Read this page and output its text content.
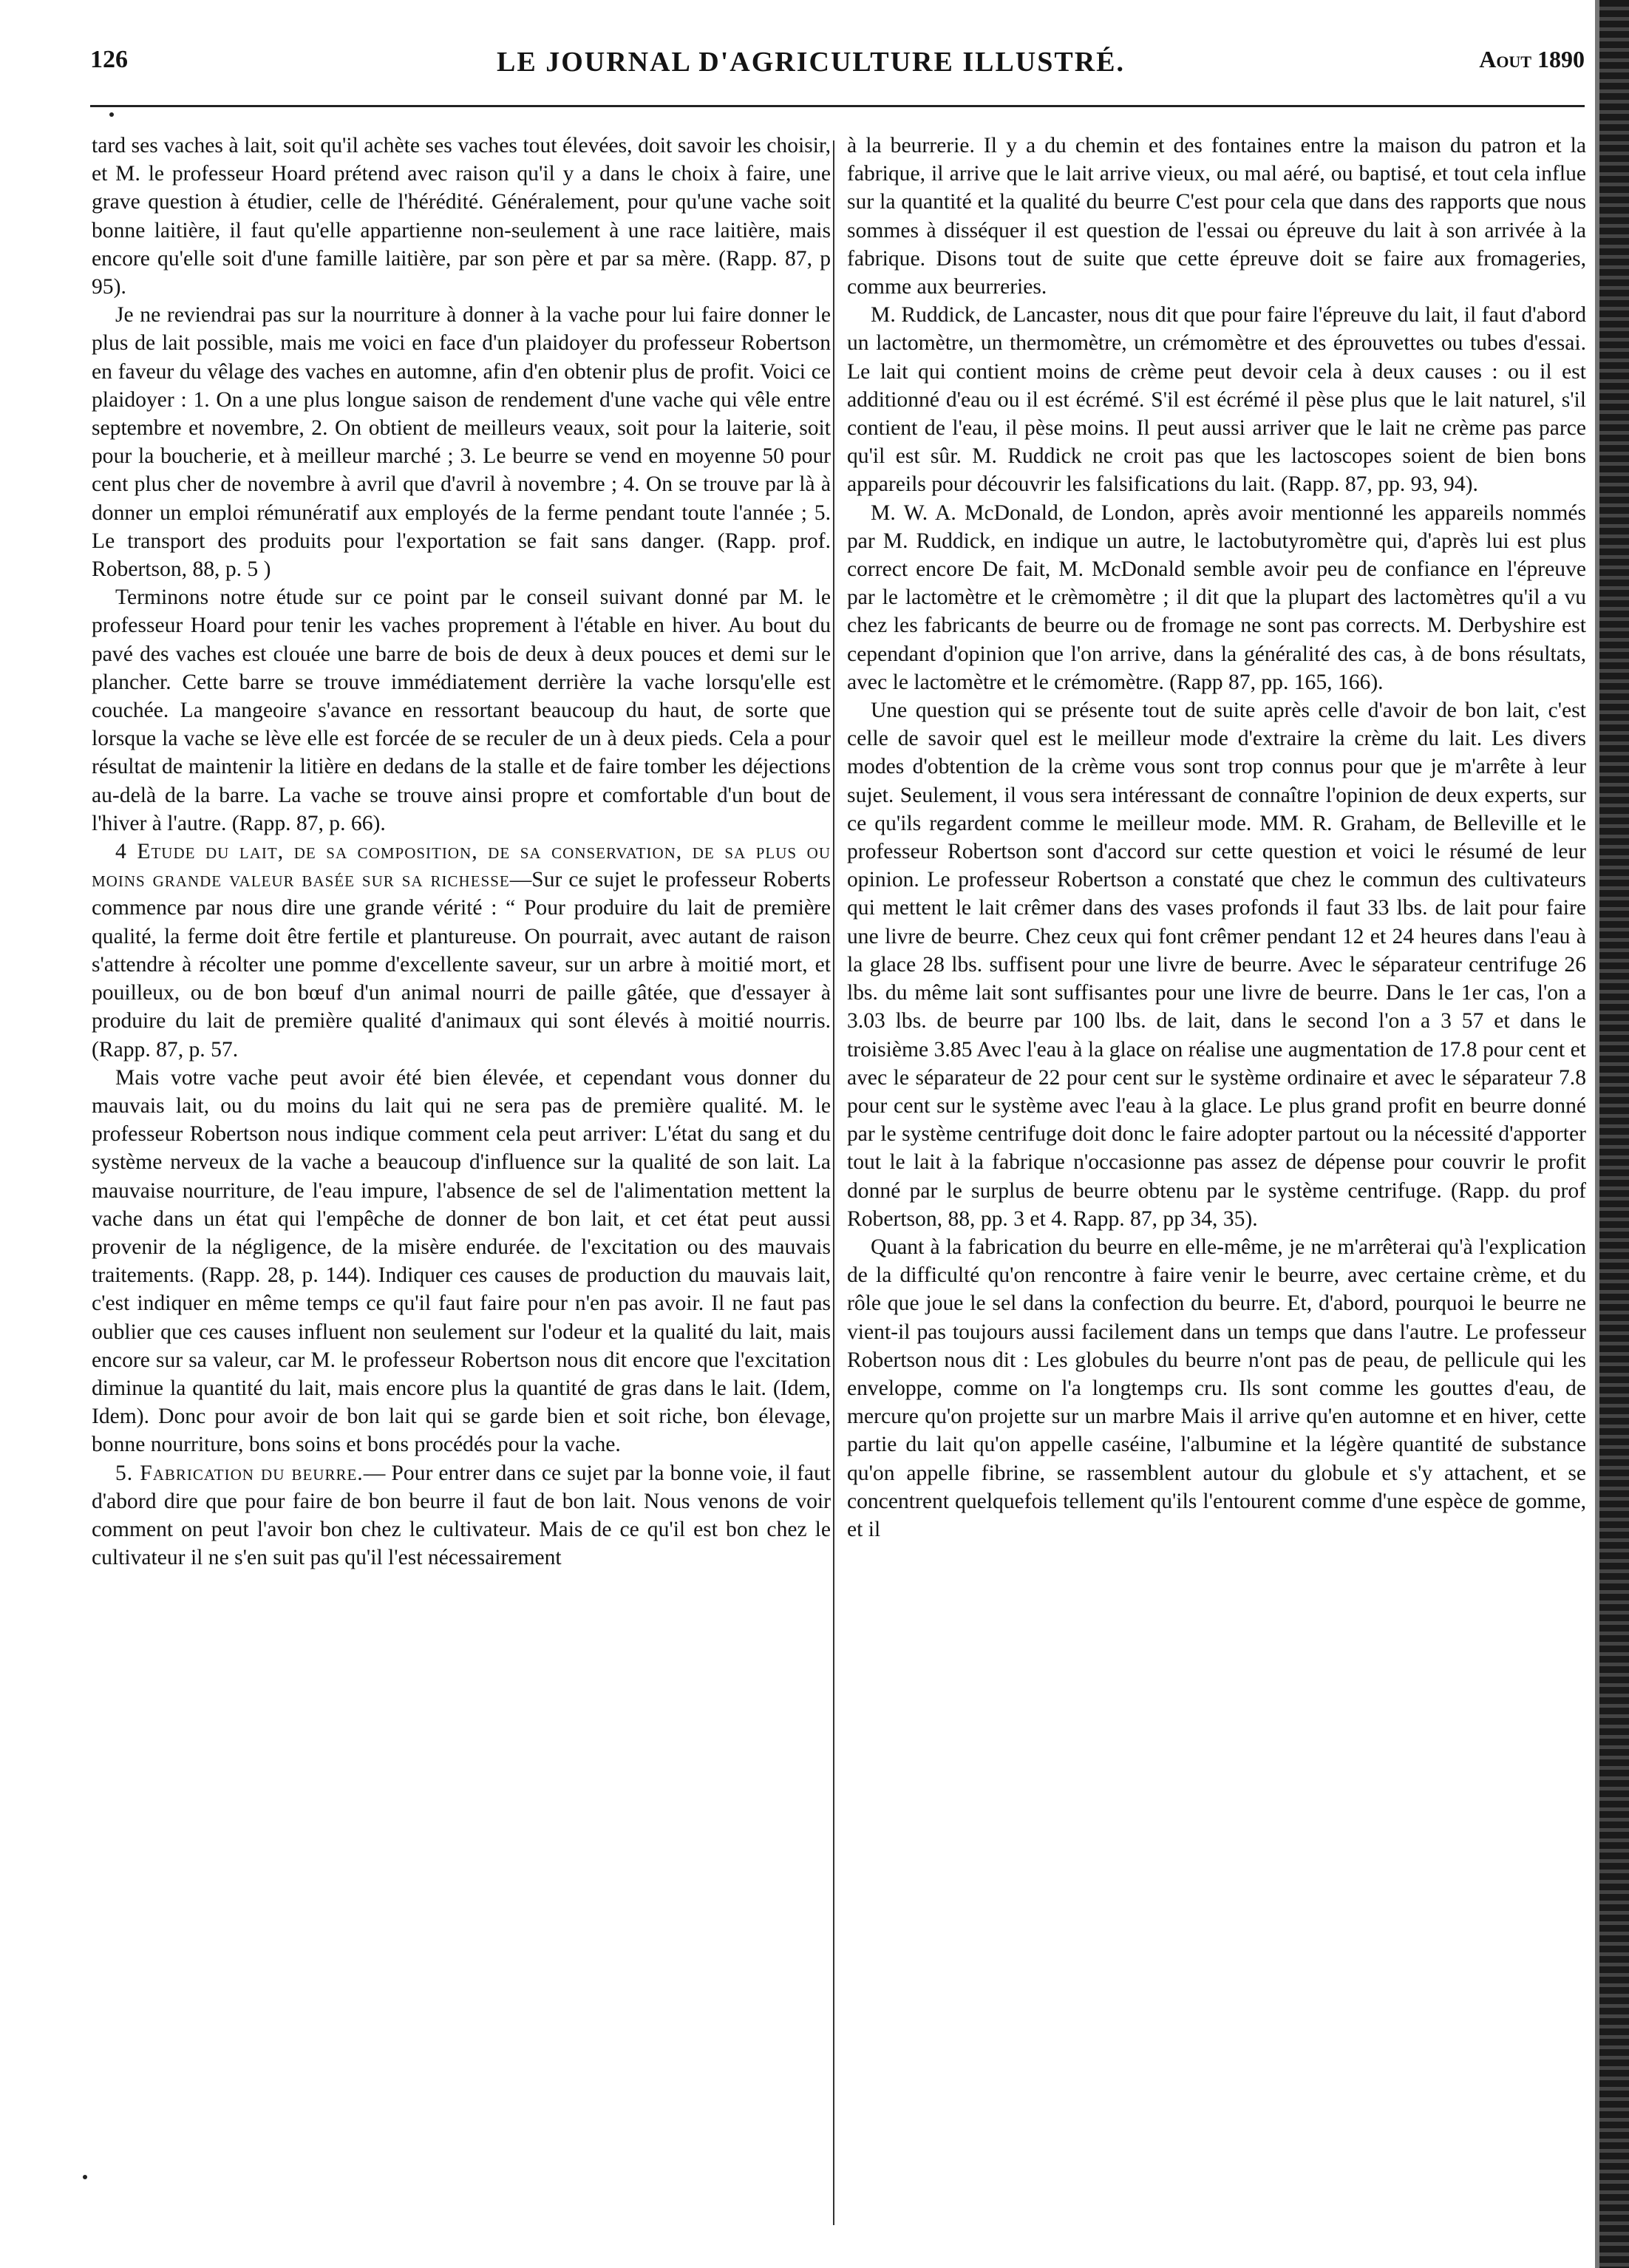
126	LE JOURNAL D'AGRICULTURE ILLUSTRÉ.	Aout 1890

tard ses vaches à lait, soit qu'il achète ses vaches tout élevées, doit savoir les choisir, et M. le professeur Hoard prétend avec raison qu'il y a dans le choix à faire, une grave question à étudier, celle de l'hérédité. Généralement, pour qu'une vache soit bonne laitière, il faut qu'elle appartienne non-seulement à une race laitière, mais encore qu'elle soit d'une famille laitière, par son père et par sa mère. (Rapp. 87, p 95).

Je ne reviendrai pas sur la nourriture à donner à la vache pour lui faire donner le plus de lait possible, mais me voici en face d'un plaidoyer du professeur Robertson en faveur du vêlage des vaches en automne, afin d'en obtenir plus de profit. Voici ce plaidoyer : 1. On a une plus longue saison de rendement d'une vache qui vêle entre septembre et novembre, 2. On obtient de meilleurs veaux, soit pour la laiterie, soit pour la boucherie, et à meilleur marché ; 3. Le beurre se vend en moyenne 50 pour cent plus cher de novembre à avril que d'avril à novembre ; 4. On se trouve par là à donner un emploi rémunératif aux employés de la ferme pendant toute l'année ; 5. Le transport des produits pour l'exportation se fait sans danger. (Rapp. prof. Robertson, 88, p. 5 )

Terminons notre étude sur ce point par le conseil suivant donné par M. le professeur Hoard pour tenir les vaches proprement à l'étable en hiver. Au bout du pavé des vaches est clouée une barre de bois de deux à deux pouces et demi sur le plancher. Cette barre se trouve immédiatement derrière la vache lorsqu'elle est couchée. La mangeoire s'avance en ressortant beaucoup du haut, de sorte que lorsque la vache se lève elle est forcée de se reculer de un à deux pieds. Cela a pour résultat de maintenir la litière en dedans de la stalle et de faire tomber les déjections au-delà de la barre. La vache se trouve ainsi propre et comfortable d'un bout de l'hiver à l'autre. (Rapp. 87, p. 66).

4 Etude du lait, de sa composition, de sa conservation, de sa plus ou moins grande valeur basée sur sa richesse—Sur ce sujet le professeur Roberts commence par nous dire une grande vérité : “ Pour produire du lait de première qualité, la ferme doit être fertile et plantureuse. On pourrait, avec autant de raison s'attendre à récolter une pomme d'excellente saveur, sur un arbre à moitié mort, et pouilleux, ou de bon bœuf d'un animal nourri de paille gâtée, que d'essayer à produire du lait de première qualité d'animaux qui sont élevés à moitié nourris. (Rapp. 87, p. 57.

Mais votre vache peut avoir été bien élevée, et cependant vous donner du mauvais lait, ou du moins du lait qui ne sera pas de première qualité. M. le professeur Robertson nous indique comment cela peut arriver: L'état du sang et du système nerveux de la vache a beaucoup d'influence sur la qualité de son lait. La mauvaise nourriture, de l'eau impure, l'absence de sel de l'alimentation mettent la vache dans un état qui l'empêche de donner de bon lait, et cet état peut aussi provenir de la négligence, de la misère endurée. de l'excitation ou des mauvais traitements. (Rapp. 28, p. 144). Indiquer ces causes de production du mauvais lait, c'est indiquer en même temps ce qu'il faut faire pour n'en pas avoir. Il ne faut pas oublier que ces causes influent non seulement sur l'odeur et la qualité du lait, mais encore sur sa valeur, car M. le professeur Robertson nous dit encore que l'excitation diminue la quantité du lait, mais encore plus la quantité de gras dans le lait. (Idem, Idem). Donc pour avoir de bon lait qui se garde bien et soit riche, bon élevage, bonne nourriture, bons soins et bons procédés pour la vache.

5. Fabrication du beurre.— Pour entrer dans ce sujet par la bonne voie, il faut d'abord dire que pour faire de bon beurre il faut de bon lait. Nous venons de voir comment on peut l'avoir bon chez le cultivateur. Mais de ce qu'il est bon chez le cultivateur il ne s'en suit pas qu'il l'est nécessairement

à la beurrerie. Il y a du chemin et des fontaines entre la maison du patron et la fabrique, il arrive que le lait arrive vieux, ou mal aéré, ou baptisé, et tout cela influe sur la quantité et la qualité du beurre C'est pour cela que dans des rapports que nous sommes à disséquer il est question de l'essai ou épreuve du lait à son arrivée à la fabrique. Disons tout de suite que cette épreuve doit se faire aux fromageries, comme aux beurreries.

M. Ruddick, de Lancaster, nous dit que pour faire l'épreuve du lait, il faut d'abord un lactomètre, un thermomètre, un crémomètre et des éprouvettes ou tubes d'essai. Le lait qui contient moins de crème peut devoir cela à deux causes : ou il est additionné d'eau ou il est écrémé. S'il est écrémé il pèse plus que le lait naturel, s'il contient de l'eau, il pèse moins. Il peut aussi arriver que le lait ne crème pas parce qu'il est sûr. M. Ruddick ne croit pas que les lactoscopes soient de bien bons appareils pour découvrir les falsifications du lait. (Rapp. 87, pp. 93, 94).

M. W. A. McDonald, de London, après avoir mentionné les appareils nommés par M. Ruddick, en indique un autre, le lactobutyromètre qui, d'après lui est plus correct encore De fait, M. McDonald semble avoir peu de confiance en l'épreuve par le lactomètre et le crèmomètre ; il dit que la plupart des lactomètres qu'il a vu chez les fabricants de beurre ou de fromage ne sont pas corrects. M. Derbyshire est cependant d'opinion que l'on arrive, dans la généralité des cas, à de bons résultats, avec le lactomètre et le crémomètre. (Rapp 87, pp. 165, 166).

Une question qui se présente tout de suite après celle d'avoir de bon lait, c'est celle de savoir quel est le meilleur mode d'extraire la crème du lait. Les divers modes d'obtention de la crème vous sont trop connus pour que je m'arrête à leur sujet. Seulement, il vous sera intéressant de connaître l'opinion de deux experts, sur ce qu'ils regardent comme le meilleur mode. MM. R. Graham, de Belleville et le professeur Robertson sont d'accord sur cette question et voici le résumé de leur opinion. Le professeur Robertson a constaté que chez le commun des cultivateurs qui mettent le lait crêmer dans des vases profonds il faut 33 lbs. de lait pour faire une livre de beurre. Chez ceux qui font crêmer pendant 12 et 24 heures dans l'eau à la glace 28 lbs. suffisent pour une livre de beurre. Avec le séparateur centrifuge 26 lbs. du même lait sont suffisantes pour une livre de beurre. Dans le 1er cas, l'on a 3.03 lbs. de beurre par 100 lbs. de lait, dans le second l'on a 3 57 et dans le troisième 3.85 Avec l'eau à la glace on réalise une augmentation de 17.8 pour cent et avec le séparateur de 22 pour cent sur le système ordinaire et avec le séparateur 7.8 pour cent sur le système avec l'eau à la glace. Le plus grand profit en beurre donné par le système centrifuge doit donc le faire adopter partout ou la nécessité d'apporter tout le lait à la fabrique n'occasionne pas assez de dépense pour couvrir le profit donné par le surplus de beurre obtenu par le système centrifuge. (Rapp. du prof Robertson, 88, pp. 3 et 4. Rapp. 87, pp 34, 35).

Quant à la fabrication du beurre en elle-même, je ne m'arrêterai qu'à l'explication de la difficulté qu'on rencontre à faire venir le beurre, avec certaine crème, et du rôle que joue le sel dans la confection du beurre. Et, d'abord, pourquoi le beurre ne vient-il pas toujours aussi facilement dans un temps que dans l'autre. Le professeur Robertson nous dit : Les globules du beurre n'ont pas de peau, de pellicule qui les enveloppe, comme on l'a longtemps cru. Ils sont comme les gouttes d'eau, de mercure qu'on projette sur un marbre Mais il arrive qu'en automne et en hiver, cette partie du lait qu'on appelle caséine, l'albumine et la légère quantité de substance qu'on appelle fibrine, se rassemblent autour du globule et s'y attachent, et se concentrent quelquefois tellement qu'ils l'entourent comme d'une espèce de gomme, et il
